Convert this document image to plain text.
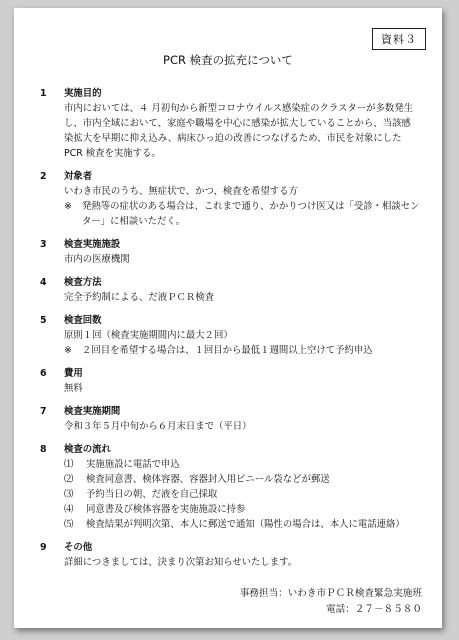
資料３
PCR 検査の拡充について
1	実施目的
市内においては、４ 月初旬から新型コロナウイルス感染症のクラスターが多数発生し、市内全域において、家庭や職場を中心に感染が拡大していることから、当該感染拡大を早期に抑え込み、病床ひっ迫の改善につなげるため、市民を対象にした PCR 検査を実施する。
2	対象者
いわき市民のうち、無症状で、かつ、検査を希望する方
※	発熱等の症状のある場合は、これまで通り、かかりつけ医又は「受診・相談センター」に相談いただく。
3	検査実施施設
市内の医療機関
4	検査方法
完全予約制による、だ液ＰＣＲ検査
5	検査回数
原則１回（検査実施期間内に最大２回）
※	２回目を希望する場合は、１回目から最低１週間以上空けて予約申込
6	費用
無料
7	検査実施期間
令和３年５月中旬から６月末日まで（平日）
8	検査の流れ
⑴	実施施設に電話で申込
⑵	検査同意書、検体容器、容器封入用ビニール袋などが郵送
⑶	予約当日の朝、だ液を自己採取
⑷	同意書及び検体容器を実施施設に持参
⑸	検査結果が判明次第、本人に郵送で通知（陽性の場合は、本人に電話連絡）
9	その他
詳細につきましては、決まり次第お知らせいたします。
事務担当：いわき市ＰＣＲ検査緊急実施班
電話：２７－８５８０
